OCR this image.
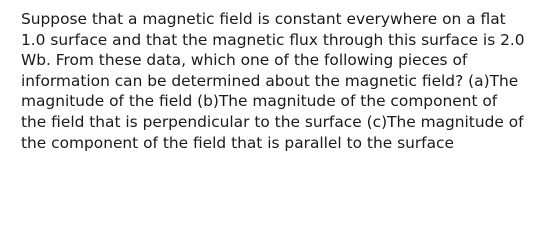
Suppose that a magnetic field is constant everywhere on a flat
1.0 surface and that the magnetic flux through this surface is 2.0
Wb. From these data, which one of the following pieces of
information can be determined about the magnetic field? (a)The
magnitude of the field (b)The magnitude of the component of
the field that is perpendicular to the surface (c)The magnitude of
the component of the field that is parallel to the surface
